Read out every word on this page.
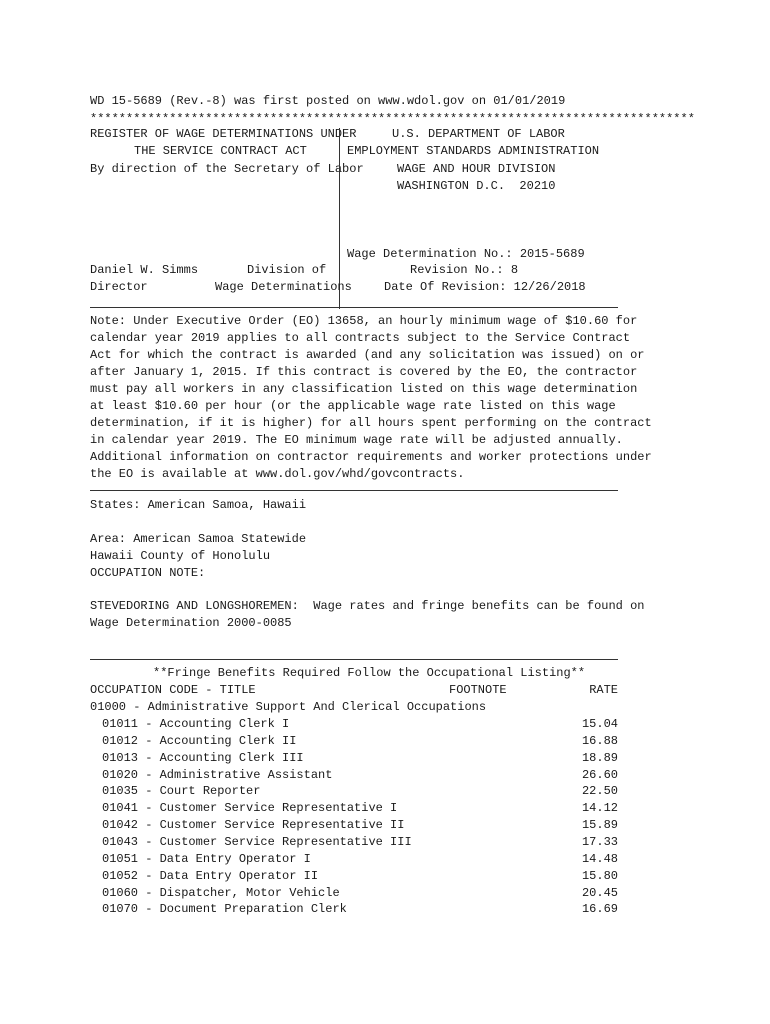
WD 15-5689 (Rev.-8) was first posted on www.wdol.gov on 01/01/2019
************************************************************************************
REGISTER OF WAGE DETERMINATIONS UNDER
THE SERVICE CONTRACT ACT
By direction of the Secretary of Labor
U.S. DEPARTMENT OF LABOR
EMPLOYMENT STANDARDS ADMINISTRATION
WAGE AND HOUR DIVISION
WASHINGTON D.C.  20210
Wage Determination No.: 2015-5689
Revision No.: 8
Date Of Revision: 12/26/2018
Daniel W. Simms
Director
Division of
Wage Determinations
Note: Under Executive Order (EO) 13658, an hourly minimum wage of $10.60 for
calendar year 2019 applies to all contracts subject to the Service Contract
Act for which the contract is awarded (and any solicitation was issued) on or
after January 1, 2015. If this contract is covered by the EO, the contractor
must pay all workers in any classification listed on this wage determination
at least $10.60 per hour (or the applicable wage rate listed on this wage
determination, if it is higher) for all hours spent performing on the contract
in calendar year 2019. The EO minimum wage rate will be adjusted annually.
Additional information on contractor requirements and worker protections under
the EO is available at www.dol.gov/whd/govcontracts.
States: American Samoa, Hawaii
Area: American Samoa Statewide
Hawaii County of Honolulu
OCCUPATION NOTE:
STEVEDORING AND LONGSHOREMEN:  Wage rates and fringe benefits can be found on
Wage Determination 2000-0085
**Fringe Benefits Required Follow the Occupational Listing**
OCCUPATION CODE - TITLE	FOOTNOTE	RATE
01000 - Administrative Support And Clerical Occupations
01011 - Accounting Clerk I	15.04
01012 - Accounting Clerk II	16.88
01013 - Accounting Clerk III	18.89
01020 - Administrative Assistant	26.60
01035 - Court Reporter	22.50
01041 - Customer Service Representative I	14.12
01042 - Customer Service Representative II	15.89
01043 - Customer Service Representative III	17.33
01051 - Data Entry Operator I	14.48
01052 - Data Entry Operator II	15.80
01060 - Dispatcher, Motor Vehicle	20.45
01070 - Document Preparation Clerk	16.69
